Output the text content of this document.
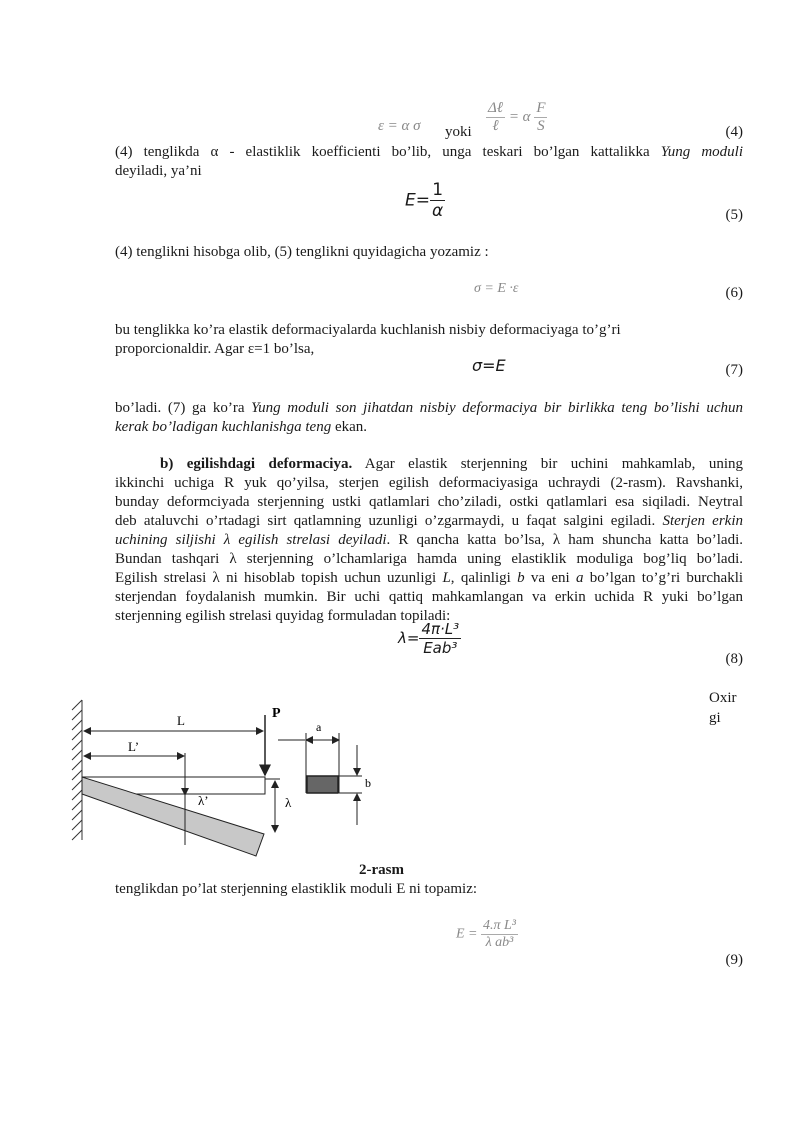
ε = α σ yoki $\frac{\text{Δℓ}}{\text{ℓ}} = \alpha \frac{F}{S}$	(4)
(4) tenglikda α - elastiklik koefficienti bo’lib, unga teskari bo’lgan kattalikka Yung moduli
deyiladi, ya’ni
$E= \frac{1}{\alpha}$	(5)
(4) tenglikni hisobga olib, (5) tenglikni quyidagicha yozamiz :
σ = E ·ε	(6)
bu tenglikka ko’ra elastik deformaciyalarda kuchlanish nisbiy deformaciyaga to’g’ri
proporcionaldir. Agar ε=1 bo’lsa,
σ=E	(7)
bo’ladi. (7) ga ko’ra Yung moduli son jihatdan nisbiy deformaciya bir birlikka teng bo’lishi uchun
kerak bo’ladigan kuchlanishga teng ekan.
b) egilishdagi deformaciya. Agar elastik sterjenning bir uchini mahkamlab, uning
ikkinchi uchiga R yuk qo’yilsa, sterjen egilish deformaciyasiga uchraydi (2-rasm). Ravshanki,
bunday deformciyada sterjenning ustki qatlamlari cho’ziladi, ostki qatlamlari esa siqiladi. Neytral
deb ataluvchi o’rtadagi sirt qatlamning uzunligi o’zgarmaydi, u faqat salgini egiladi. Sterjen erkin
uchining siljishi λ egilish strelasi deyiladi. R qancha katta bo’lsa, λ ham shuncha katta bo’ladi.
Bundan tashqari λ sterjenning o’lchamlariga hamda uning elastiklik moduliga bog’liq bo’ladi.
Egilish strelasi λ ni hisoblab topish uchun uzunligi L, qalinligi b va eni a bo’lgan to’g’ri burchakli
sterjendan foydalanish mumkin. Bir uchi qattiq mahkamlangan va erkin uchida R yuki bo’lgan
sterjenning egilish strelasi quyidag formuladan topiladi:
$\lambda= \frac{\text{4π·L³}}{\text{Eab³}}$
(8)
Oxir
gi
L
L’
λ’
P
λ
a
b
2-rasm
tenglikdan po’lat sterjenning elastiklik moduli E ni topamiz:
$E = \frac{\text{4.π L³}}{\text{λ ab³}}$
(9)
